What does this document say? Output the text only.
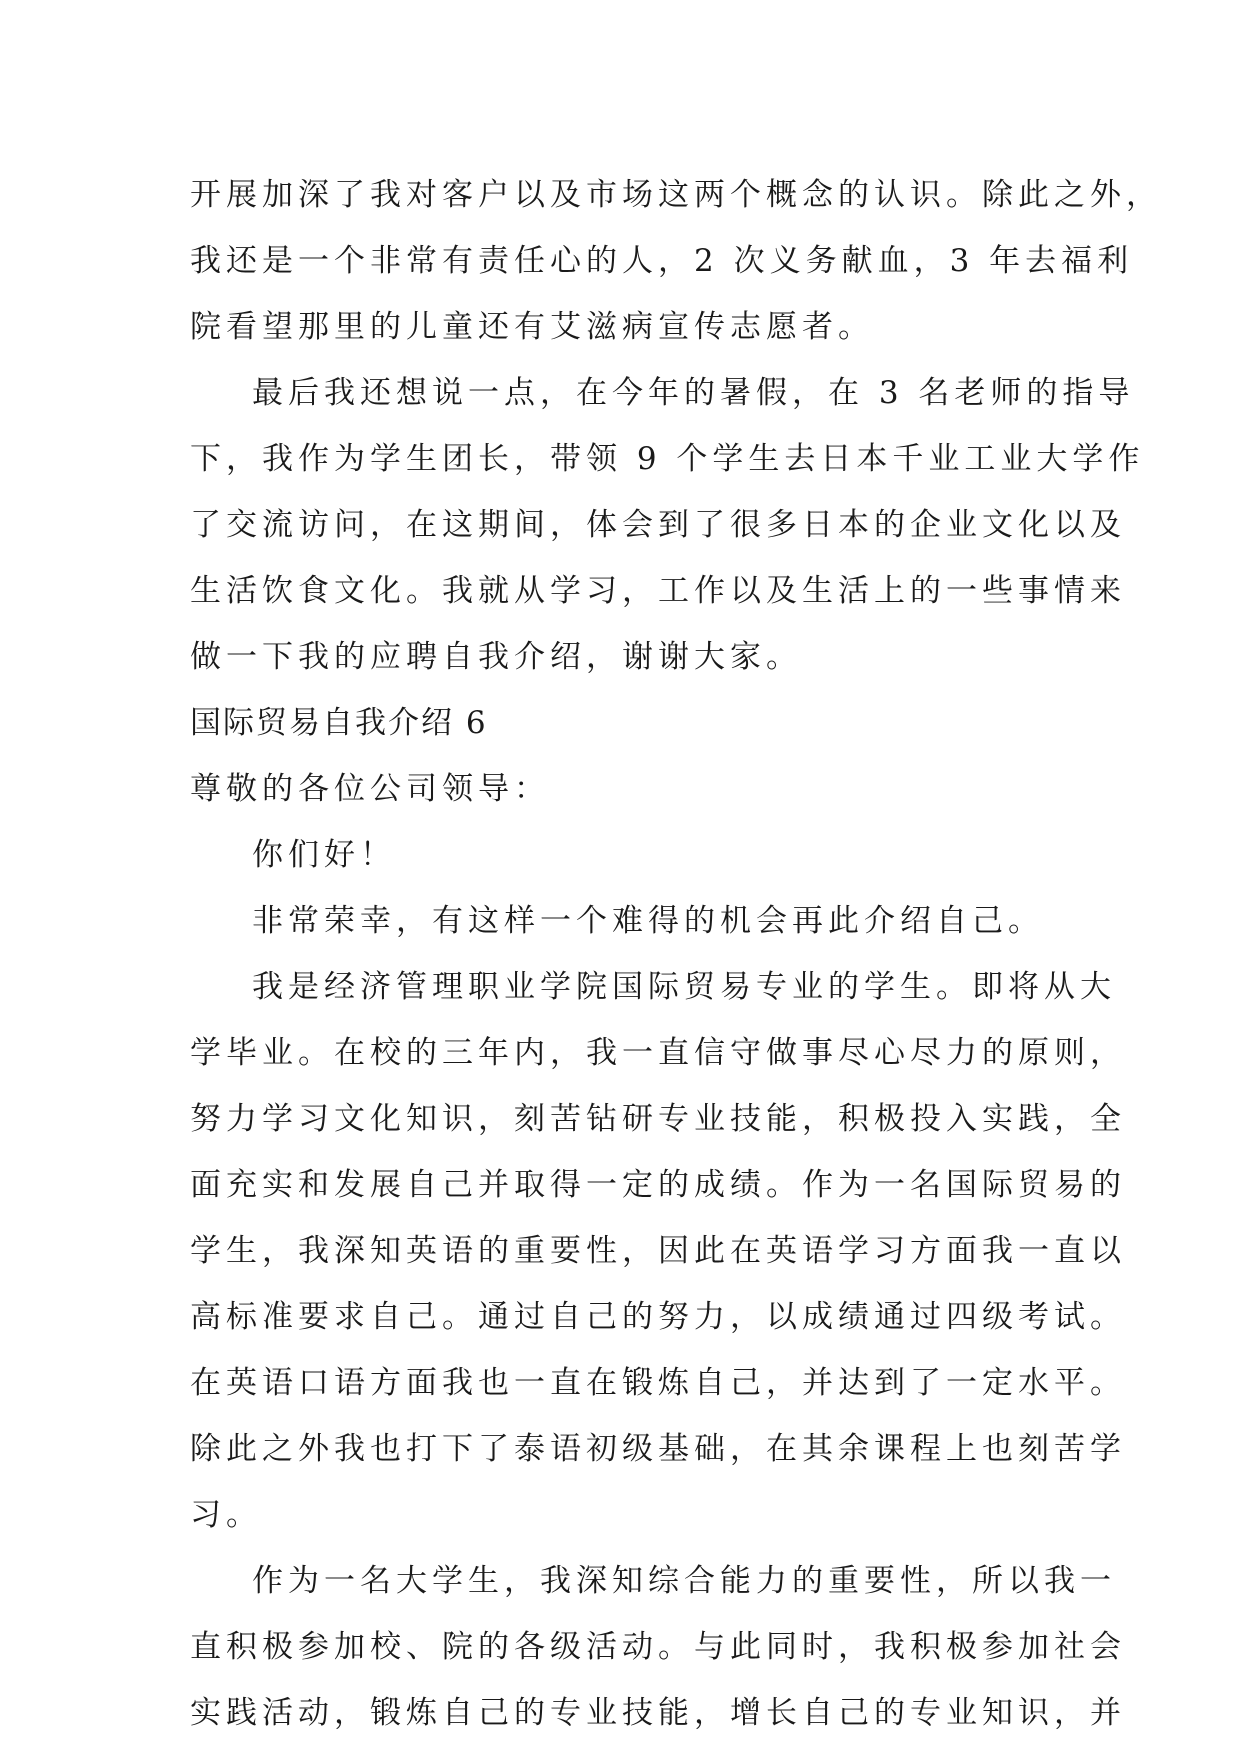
开展加深了我对客户以及市场这两个概念的认识。除此之外，
我还是一个非常有责任心的人，2 次义务献血，3 年去福利
院看望那里的儿童还有艾滋病宣传志愿者。
最后我还想说一点，在今年的暑假，在 3 名老师的指导
下，我作为学生团长，带领 9 个学生去日本千业工业大学作
了交流访问，在这期间，体会到了很多日本的企业文化以及
生活饮食文化。我就从学习，工作以及生活上的一些事情来
做一下我的应聘自我介绍，谢谢大家。
国际贸易自我介绍 6
尊敬的各位公司领导：
你们好！
非常荣幸，有这样一个难得的机会再此介绍自己。
我是经济管理职业学院国际贸易专业的学生。即将从大
学毕业。在校的三年内，我一直信守做事尽心尽力的原则，
努力学习文化知识，刻苦钻研专业技能，积极投入实践，全
面充实和发展自己并取得一定的成绩。作为一名国际贸易的
学生，我深知英语的重要性，因此在英语学习方面我一直以
高标准要求自己。通过自己的努力，以成绩通过四级考试。
在英语口语方面我也一直在锻炼自己，并达到了一定水平。
除此之外我也打下了泰语初级基础，在其余课程上也刻苦学
习。
作为一名大学生，我深知综合能力的重要性，所以我一
直积极参加校、院的各级活动。与此同时，我积极参加社会
实践活动，锻炼自己的专业技能，增长自己的专业知识，并
